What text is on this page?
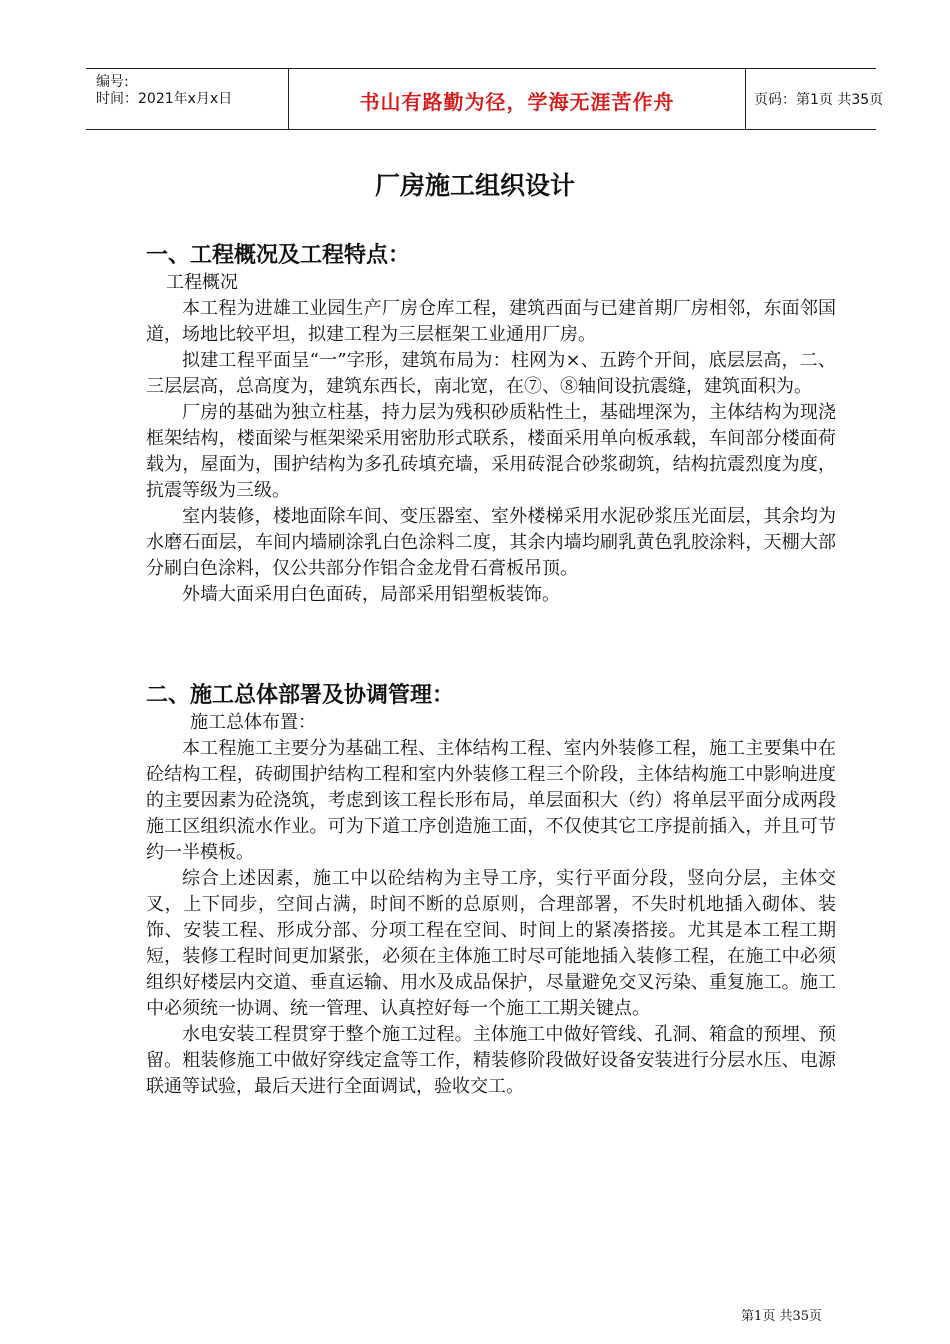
编号:
时间：2021年x月x日	书山有路勤为径，学海无涯苦作舟	页码：第1页 共35页
厂房施工组织设计
一、工程概况及工程特点：
工程概况

本工程为进雄工业园生产厂房仓库工程，建筑西面与已建首期厂房相邻，东面邻国道，场地比较平坦，拟建工程为三层框架工业通用厂房。

拟建工程平面呈“一”字形，建筑布局为：柱网为×、五跨个开间，底层层高，二、三层层高，总高度为，建筑东西长，南北宽，在⑦、⑧轴间设抗震缝，建筑面积为。

厂房的基础为独立柱基，持力层为残积砂质粘性土，基础埋深为，主体结构为现浇框架结构，楼面梁与框架梁采用密肋形式联系，楼面采用单向板承载，车间部分楼面荷载为，屋面为，围护结构为多孔砖填充墙，采用砖混合砂浆砌筑，结构抗震烈度为度，抗震等级为三级。

室内装修，楼地面除车间、变压器室、室外楼梯采用水泥砂浆压光面层，其余均为水磨石面层，车间内墙刷涂乳白色涂料二度，其余内墙均刷乳黄色乳胶涂料，天棚大部分刷白色涂料，仅公共部分作铝合金龙骨石膏板吊顶。

外墙大面采用白色面砖，局部采用铝塑板装饰。

二、施工总体部署及协调管理：
施工总体布置：

本工程施工主要分为基础工程、主体结构工程、室内外装修工程，施工主要集中在砼结构工程，砖砌围护结构工程和室内外装修工程三个阶段，主体结构施工中影响进度的主要因素为砼浇筑，考虑到该工程长形布局，单层面积大（约）将单层平面分成两段施工区组织流水作业。可为下道工序创造施工面，不仅使其它工序提前插入，并且可节约一半模板。

综合上述因素，施工中以砼结构为主导工序，实行平面分段，竖向分层，主体交叉，上下同步，空间占满，时间不断的总原则，合理部署，不失时机地插入砌体、装饰、安装工程、形成分部、分项工程在空间、时间上的紧凑搭接。尤其是本工程工期短，装修工程时间更加紧张，必须在主体施工时尽可能地插入装修工程，在施工中必须组织好楼层内交道、垂直运输、用水及成品保护，尽量避免交叉污染、重复施工。施工中必须统一协调、统一管理、认真控好每一个施工工期关键点。

水电安装工程贯穿于整个施工过程。主体施工中做好管线、孔洞、箱盒的预埋、预留。粗装修施工中做好穿线定盒等工作，精装修阶段做好设备安装进行分层水压、电源联通等试验，最后天进行全面调试，验收交工。

第1页 共35页
